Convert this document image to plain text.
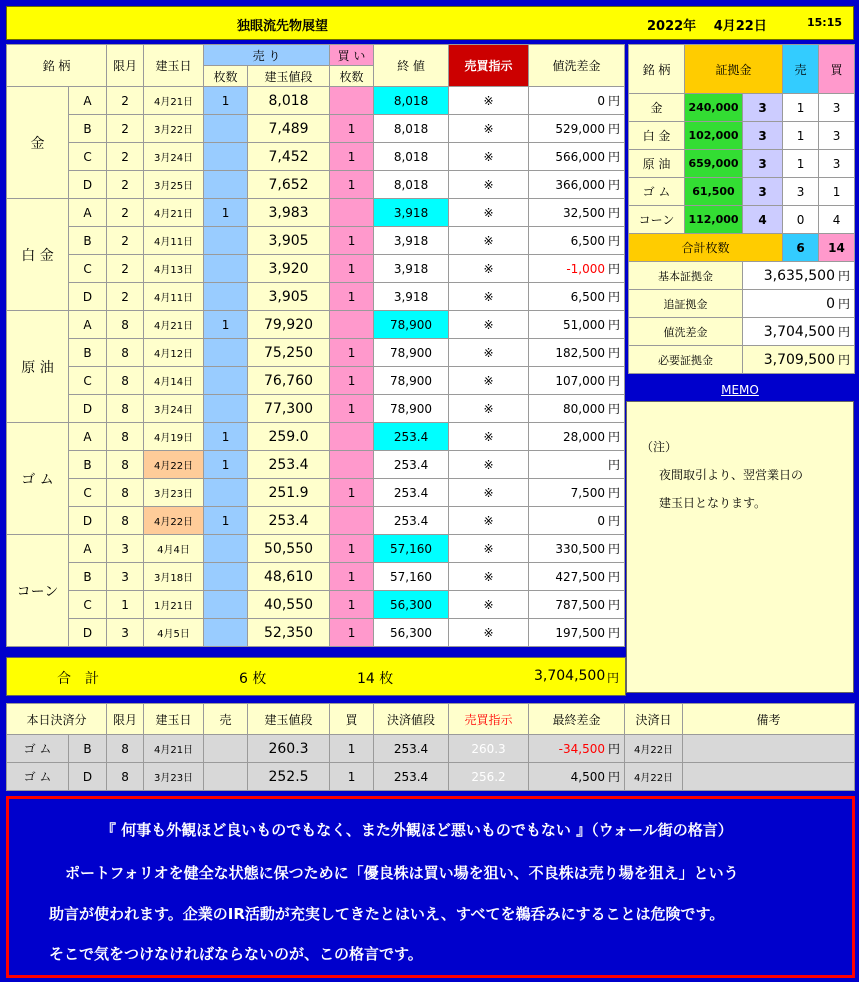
独眼流先物展望	2022年　 4月22日	15:15
銘 柄		限月	建玉日	売 り		買 い	終 値	売買指示	値洗差金
				枚数	建玉値段	枚数			
金	A	2	4月21日	1	8,018		8,018	※	0 円
	B	2	3月22日		7,489	1	8,018	※	529,000 円
	C	2	3月24日		7,452	1	8,018	※	566,000 円
	D	2	3月25日		7,652	1	8,018	※	366,000 円
白 金	A	2	4月21日	1	3,983		3,918	※	32,500 円
	B	2	4月11日		3,905	1	3,918	※	6,500 円
	C	2	4月13日		3,920	1	3,918	※	-1,000 円
	D	2	4月11日		3,905	1	3,918	※	6,500 円
原 油	A	8	4月21日	1	79,920		78,900	※	51,000 円
	B	8	4月12日		75,250	1	78,900	※	182,500 円
	C	8	4月14日		76,760	1	78,900	※	107,000 円
	D	8	3月24日		77,300	1	78,900	※	80,000 円
ゴ ム	A	8	4月19日	1	259.0		253.4	※	28,000 円
	B	8	4月22日	1	253.4		253.4	※	円
	C	8	3月23日		251.9	1	253.4	※	7,500 円
	D	8	4月22日	1	253.4		253.4	※	0 円
コーン	A	3	4月4日		50,550	1	57,160	※	330,500 円
	B	3	3月18日		48,610	1	57,160	※	427,500 円
	C	1	1月21日		40,550	1	56,300	※	787,500 円
	D	3	4月5日		52,350	1	56,300	※	197,500 円
合　計	6 枚	14 枚	3,704,500 円
銘 柄	証拠金		売	買
金	240,000	3	1	3
白 金	102,000	3	1	3
原 油	659,000	3	1	3
ゴ ム	61,500	3	3	1
コーン	112,000	4	0	4
合計枚数			6	14
基本証拠金		3,635,500 円		
追証拠金		0 円		
値洗差金		3,704,500 円		
必要証拠金		3,709,500 円		
MEMO
（注）
夜間取引より、翌営業日の
建玉日となります。
本日決済分		限月	建玉日	売	建玉値段	買	決済値段	売買指示	最終差金	決済日	備考
ゴ ム	B	8	4月21日		260.3	1	253.4	260.3	-34,500 円	4月22日	
ゴ ム	D	8	3月23日		252.5	1	253.4	256.2	4,500 円	4月22日	

『 何事も外観ほど良いものでもなく、また外観ほど悪いものでもない 』（ウォール街の格言）

ポートフォリオを健全な状態に保つために「優良株は買い場を狙い、不良株は売り場を狙え」という

助言が使われます。企業のIR活動が充実してきたとはいえ、すべてを鵜呑みにすることは危険です。

そこで気をつけなければならないのが、この格言です。
